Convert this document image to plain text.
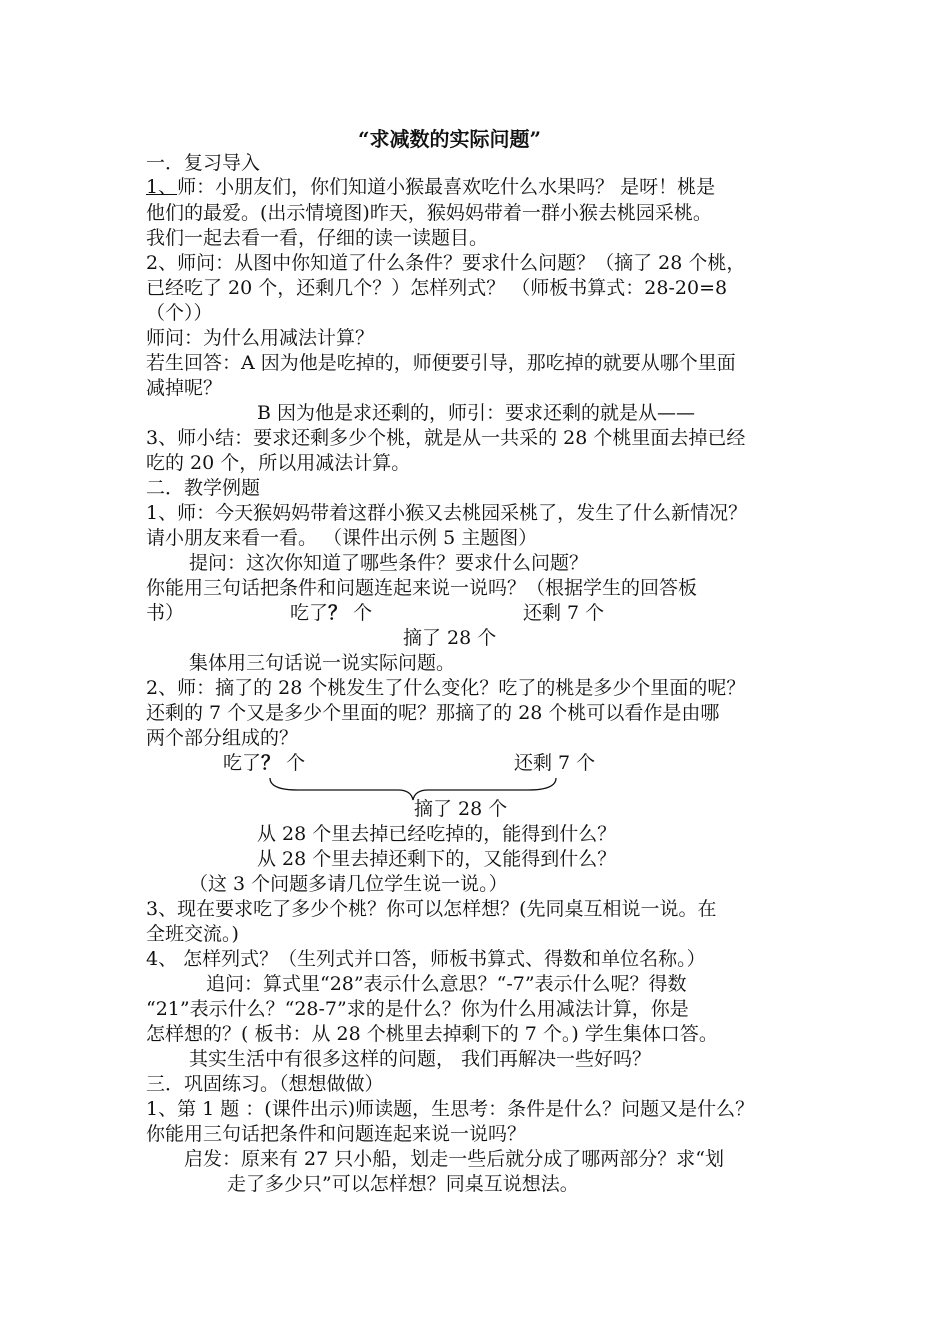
“求减数的实际问题”
一．复习导入
1、师：小朋友们，你们知道小猴最喜欢吃什么水果吗？ 是呀！桃是
他们的最爱。(出示情境图)昨天，猴妈妈带着一群小猴去桃园采桃。
我们一起去看一看，仔细的读一读题目。
2、师问：从图中你知道了什么条件？要求什么问题？（摘了 28 个桃，
已经吃了 20 个，还剩几个？）怎样列式？ （师板书算式：28-20=8
（个））
师问：为什么用减法计算？
若生回答：A 因为他是吃掉的，师便要引导，那吃掉的就要从哪个里面
减掉呢？
B 因为他是求还剩的，师引：要求还剩的就是从——
3、师小结：要求还剩多少个桃，就是从一共采的 28 个桃里面去掉已经
吃的 20 个，所以用减法计算。
二．教学例题
1、师：今天猴妈妈带着这群小猴又去桃园采桃了，发生了什么新情况？
请小朋友来看一看。 （课件出示例 5 主题图）
提问：这次你知道了哪些条件？要求什么问题？
你能用三句话把条件和问题连起来说一说吗？（根据学生的回答板
书）	吃了？ 个	还剩 7 个
摘了 28 个
集体用三句话说一说实际问题。
2、师：摘了的 28 个桃发生了什么变化？吃了的桃是多少个里面的呢？
还剩的 7 个又是多少个里面的呢？那摘了的 28 个桃可以看作是由哪
两个部分组成的？
吃了？ 个	还剩 7 个
摘了 28 个
从 28 个里去掉已经吃掉的，能得到什么？
从 28 个里去掉还剩下的，又能得到什么？
（这 3 个问题多请几位学生说一说。）
3、现在要求吃了多少个桃？你可以怎样想？(先同桌互相说一说。在
全班交流。)
4、 怎样列式？（生列式并口答，师板书算式、得数和单位名称。）
追问：算式里“28”表示什么意思？“-7”表示什么呢？得数
“21”表示什么？“28-7”求的是什么？你为什么用减法计算，你是
怎样想的？( 板书：从 28 个桃里去掉剩下的 7 个。) 学生集体口答。
其实生活中有很多这样的问题， 我们再解决一些好吗？
三．巩固练习。（想想做做）
1、第 1 题 ：(课件出示)师读题，生思考：条件是什么？问题又是什么？
你能用三句话把条件和问题连起来说一说吗？
启发：原来有 27 只小船，划走一些后就分成了哪两部分？求“划
走了多少只”可以怎样想？同桌互说想法。
